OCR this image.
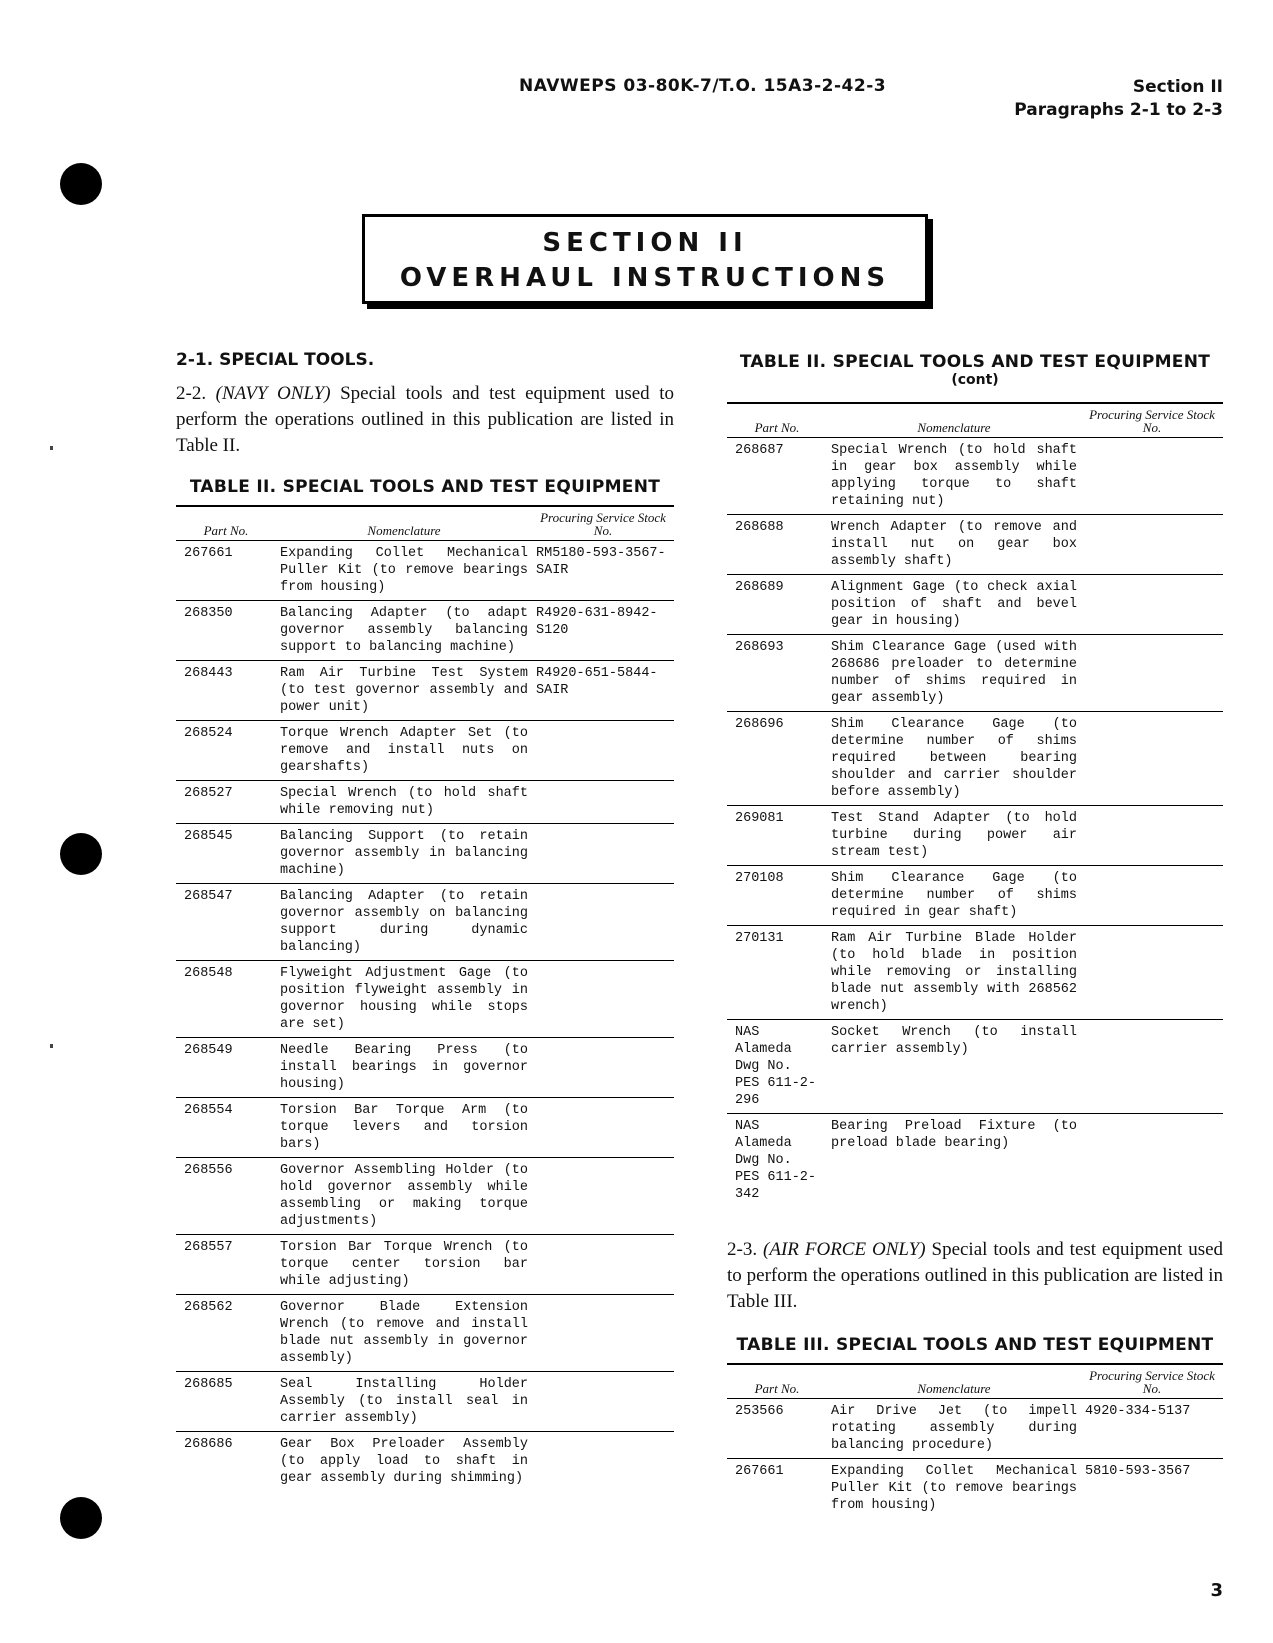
NAVWEPS 03-80K-7/T.O. 15A3-2-42-3	Section II
Paragraphs 2-1 to 2-3
SECTION II
OVERHAUL INSTRUCTIONS

2-1. SPECIAL TOOLS.

2-2. (NAVY ONLY) Special tools and test equipment used to perform the operations outlined in this publication are listed in Table II.

TABLE II. SPECIAL TOOLS AND TEST EQUIPMENT
Part No.	Nomenclature	Procuring Service Stock No.
267661	Expanding Collet Mechanical Puller Kit (to remove bearings from housing)	RM5180-593-3567-SAIR
268350	Balancing Adapter (to adapt governor assembly balancing support to balancing machine)	R4920-631-8942-S120
268443	Ram Air Turbine Test System (to test governor assembly and power unit)	R4920-651-5844-SAIR
268524	Torque Wrench Adapter Set (to remove and install nuts on gearshafts)	
268527	Special Wrench (to hold shaft while removing nut)	
268545	Balancing Support (to retain governor assembly in balancing machine)	
268547	Balancing Adapter (to retain governor assembly on balancing support during dynamic balancing)	
268548	Flyweight Adjustment Gage (to position flyweight assembly in governor housing while stops are set)	
268549	Needle Bearing Press (to install bearings in governor housing)	
268554	Torsion Bar Torque Arm (to torque levers and torsion bars)	
268556	Governor Assembling Holder (to hold governor assembly while assembling or making torque adjustments)	
268557	Torsion Bar Torque Wrench (to torque center torsion bar while adjusting)	
268562	Governor Blade Extension Wrench (to remove and install blade nut assembly in governor assembly)	
268685	Seal Installing Holder Assembly (to install seal in carrier assembly)	
268686	Gear Box Preloader Assembly (to apply load to shaft in gear assembly during shimming)	
TABLE II. SPECIAL TOOLS AND TEST EQUIPMENT
(cont)
Part No.	Nomenclature	Procuring Service Stock No.
268687	Special Wrench (to hold shaft in gear box assembly while applying torque to shaft retaining nut)	
268688	Wrench Adapter (to remove and install nut on gear box assembly shaft)	
268689	Alignment Gage (to check axial position of shaft and bevel gear in housing)	
268693	Shim Clearance Gage (used with 268686 preloader to determine number of shims required in gear assembly)	
268696	Shim Clearance Gage (to determine number of shims required between bearing shoulder and carrier shoulder before assembly)	
269081	Test Stand Adapter (to hold turbine during power air stream test)	
270108	Shim Clearance Gage (to determine number of shims required in gear shaft)	
270131	Ram Air Turbine Blade Holder (to hold blade in position while removing or installing blade nut assembly with 268562 wrench)	
NAS Alameda Dwg No. PES 611-2-296	Socket Wrench (to install carrier assembly)	
NAS Alameda Dwg No. PES 611-2-342	Bearing Preload Fixture (to preload blade bearing)	

2-3. (AIR FORCE ONLY) Special tools and test equipment used to perform the operations outlined in this publication are listed in Table III.

TABLE III. SPECIAL TOOLS AND TEST EQUIPMENT
Part No.	Nomenclature	Procuring Service Stock No.
253566	Air Drive Jet (to impell rotating assembly during balancing procedure)	4920-334-5137
267661	Expanding Collet Mechanical Puller Kit (to remove bearings from housing)	5810-593-3567
3
